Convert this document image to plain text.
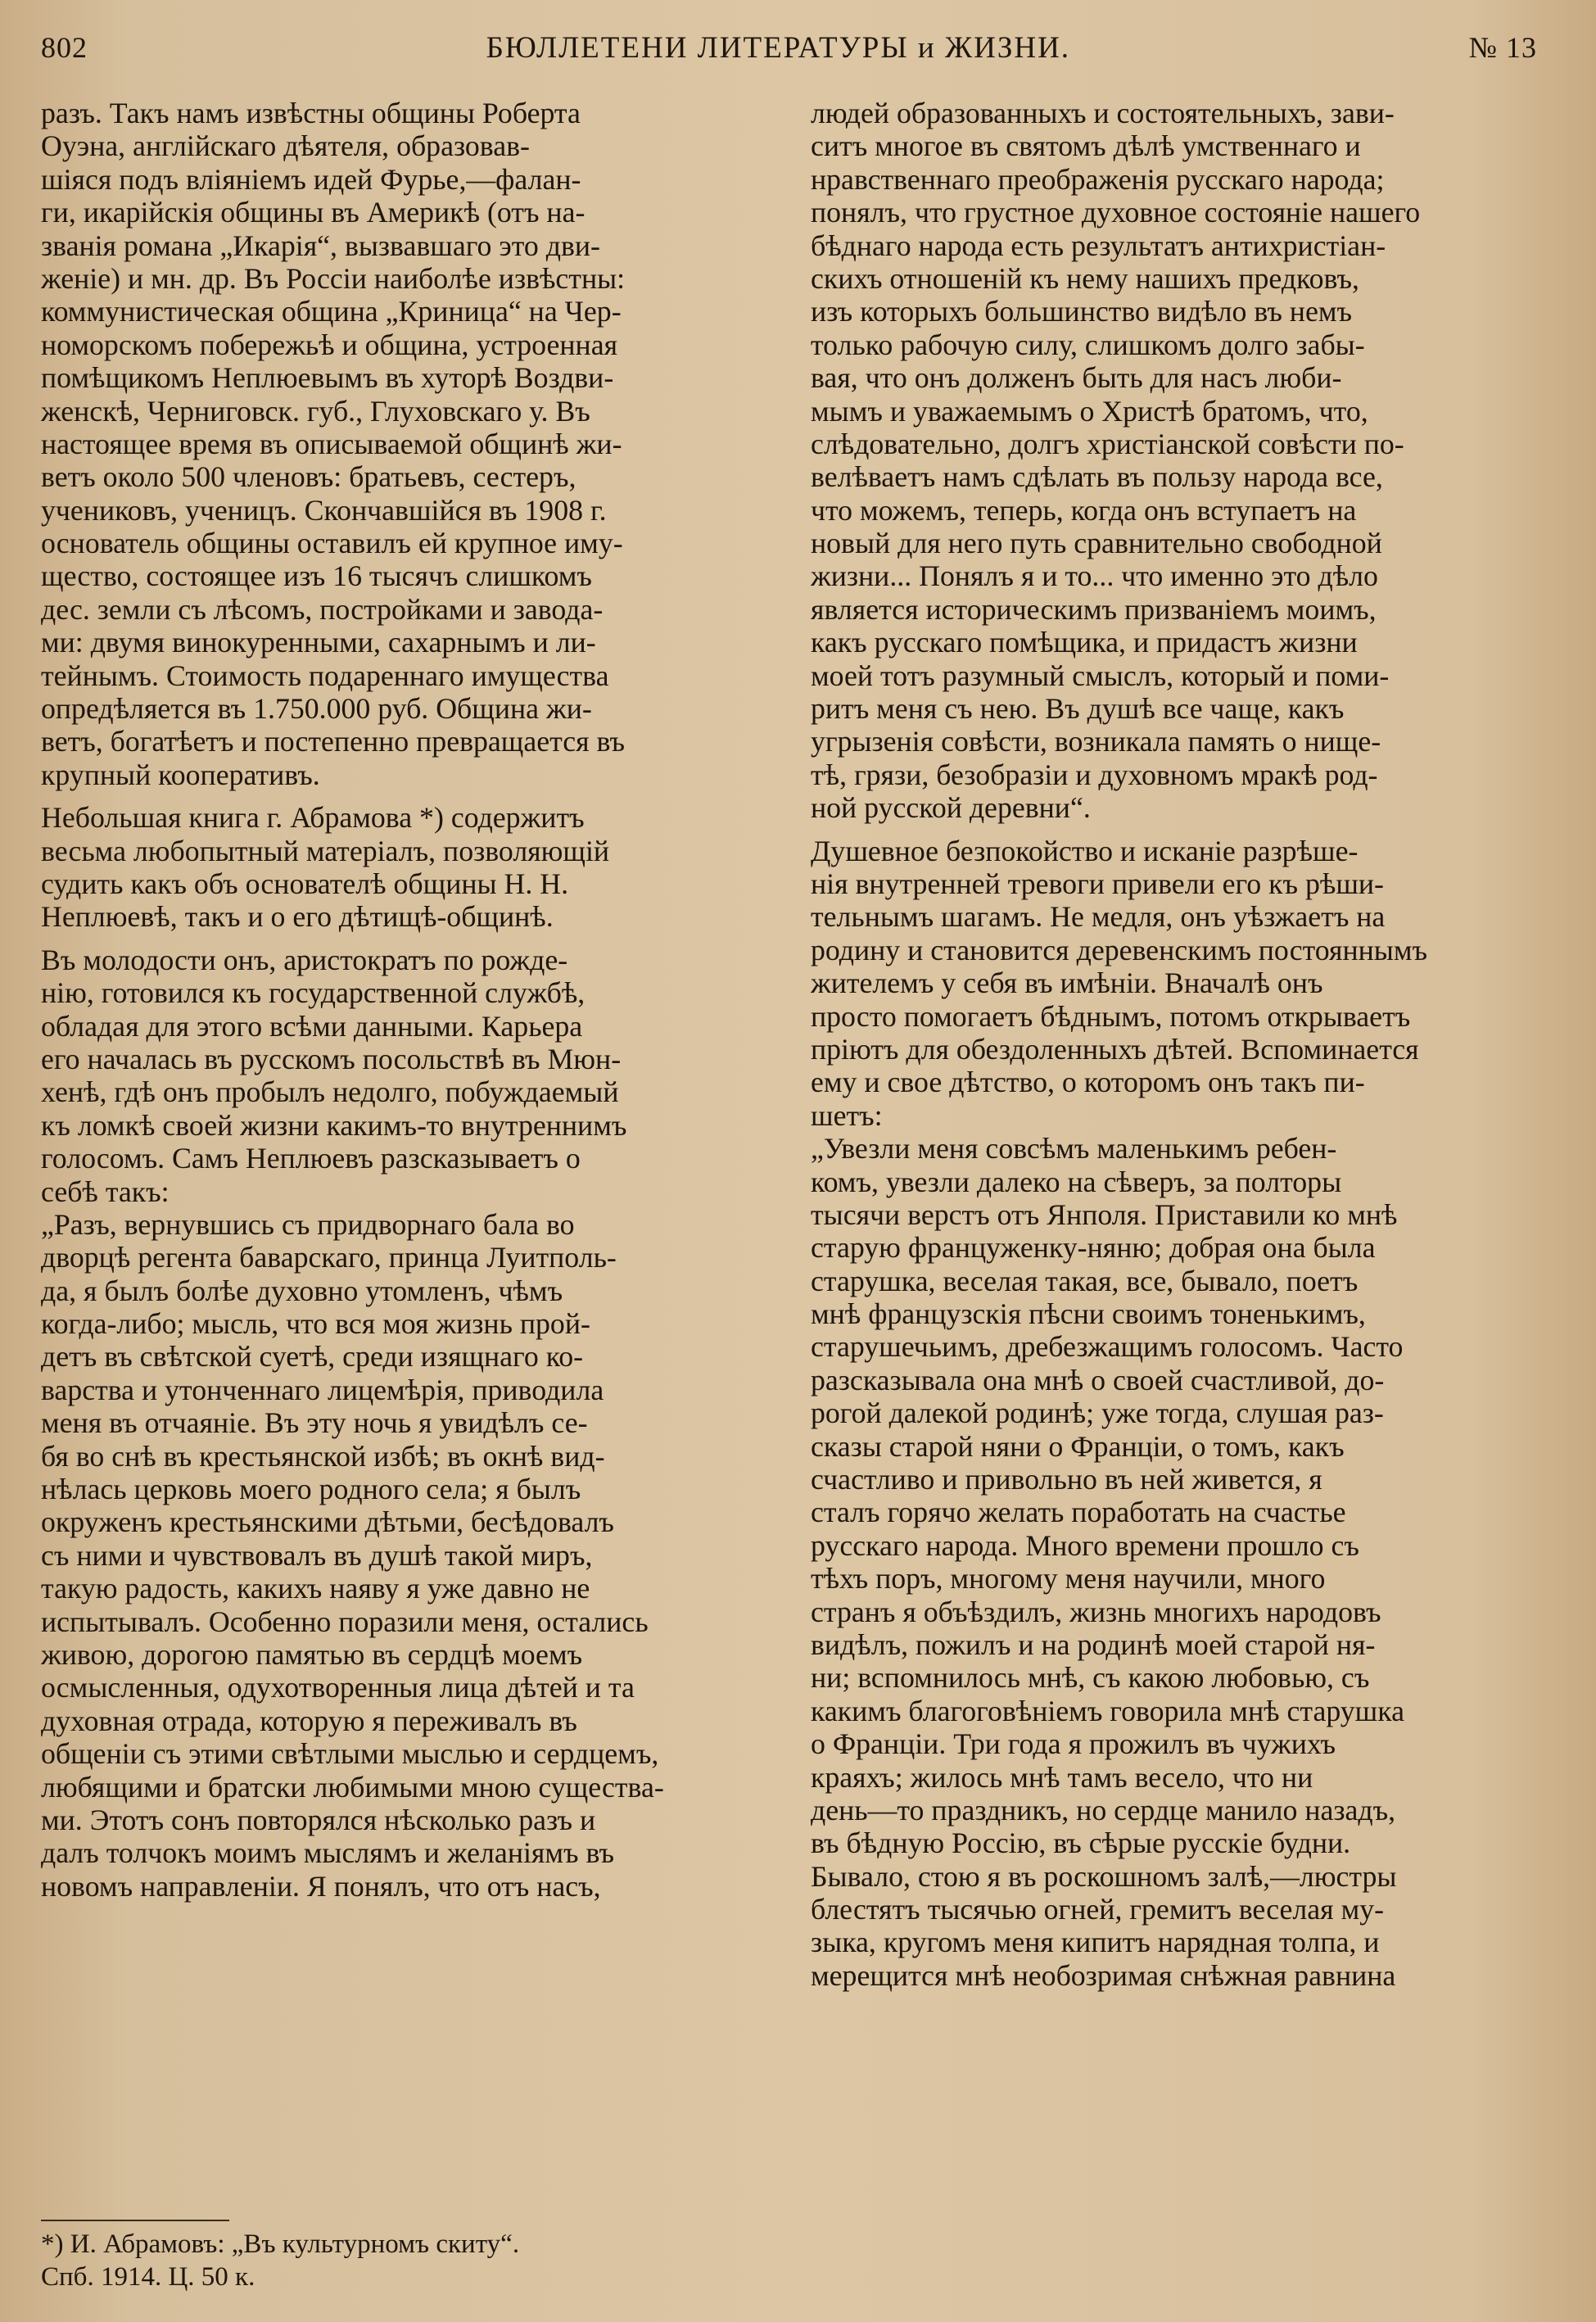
802	БЮЛЛЕТЕНИ ЛИТЕРАТУРЫ и ЖИЗНИ.	№ 13
разъ. Такъ намъ извѣстны общины Роберта
Оуэна, англійскаго дѣятеля, образовав-
шіяся подъ вліяніемъ идей Фурье,—фалан-
ги, икарійскія общины въ Америкѣ (отъ на-
званія романа „Икарія“, вызвавшаго это дви-
женіе) и мн. др. Въ Россіи наиболѣе извѣстны:
коммунистическая община „Криница“ на Чер-
номорскомъ побережьѣ и община, устроенная
помѣщикомъ Неплюевымъ въ хуторѣ Воздви-
женскѣ, Черниговск. губ., Глуховскаго у. Въ
настоящее время въ описываемой общинѣ жи-
ветъ около 500 членовъ: братьевъ, сестеръ,
учениковъ, ученицъ. Скончавшійся въ 1908 г.
основатель общины оставилъ ей крупное иму-
щество, состоящее изъ 16 тысячъ слишкомъ
дес. земли съ лѣсомъ, постройками и завода-
ми: двумя винокуренными, сахарнымъ и ли-
тейнымъ. Стоимость подареннаго имущества
опредѣляется въ 1.750.000 руб. Община жи-
ветъ, богатѣетъ и постепенно превращается въ
крупный кооперативъ.
Небольшая книга г. Абрамова *) содержитъ
весьма любопытный матеріалъ, позволяющій
судить какъ объ основателѣ общины Н. Н.
Неплюевѣ, такъ и о его дѣтищѣ-общинѣ.
Въ молодости онъ, аристократъ по рожде-
нію, готовился къ государственной службѣ,
обладая для этого всѣми данными. Карьера
его началась въ русскомъ посольствѣ въ Мюн-
хенѣ, гдѣ онъ пробылъ недолго, побуждаемый
къ ломкѣ своей жизни какимъ-то внутреннимъ
голосомъ. Самъ Неплюевъ разсказываетъ о
себѣ такъ:
„Разъ, вернувшись съ придворнаго бала во
дворцѣ регента баварскаго, принца Луитполь-
да, я былъ болѣе духовно утомленъ, чѣмъ
когда-либо; мысль, что вся моя жизнь прой-
детъ въ свѣтской суетѣ, среди изящнаго ко-
варства и утонченнаго лицемѣрія, приводила
меня въ отчаяніе. Въ эту ночь я увидѣлъ се-
бя во снѣ въ крестьянской избѣ; въ окнѣ вид-
нѣлась церковь моего родного села; я былъ
окруженъ крестьянскими дѣтьми, бесѣдовалъ
съ ними и чувствовалъ въ душѣ такой миръ,
такую радость, какихъ наяву я уже давно не
испытывалъ. Особенно поразили меня, остались
живою, дорогою памятью въ сердцѣ моемъ
осмысленныя, одухотворенныя лица дѣтей и та
духовная отрада, которую я переживалъ въ
общеніи съ этими свѣтлыми мыслью и сердцемъ,
любящими и братски любимыми мною существа-
ми. Этотъ сонъ повторялся нѣсколько разъ и
далъ толчокъ моимъ мыслямъ и желаніямъ въ
новомъ направленіи. Я понялъ, что отъ насъ,
людей образованныхъ и состоятельныхъ, зави-
ситъ многое въ святомъ дѣлѣ умственнаго и
нравственнаго преображенія русскаго народа;
понялъ, что грустное духовное состояніе нашего
бѣднаго народа есть результатъ антихристіан-
скихъ отношеній къ нему нашихъ предковъ,
изъ которыхъ большинство видѣло въ немъ
только рабочую силу, слишкомъ долго забы-
вая, что онъ долженъ быть для насъ люби-
мымъ и уважаемымъ о Христѣ братомъ, что,
слѣдовательно, долгъ христіанской совѣсти по-
велѣваетъ намъ сдѣлать въ пользу народа все,
что можемъ, теперь, когда онъ вступаетъ на
новый для него путь сравнительно свободной
жизни... Понялъ я и то... что именно это дѣло
является историческимъ призваніемъ моимъ,
какъ русскаго помѣщика, и придастъ жизни
моей тотъ разумный смыслъ, который и поми-
ритъ меня съ нею. Въ душѣ все чаще, какъ
угрызенія совѣсти, возникала память о нище-
тѣ, грязи, безобразіи и духовномъ мракѣ род-
ной русской деревни“.
Душевное безпокойство и исканіе разрѣше-
нія внутренней тревоги привели его къ рѣши-
тельнымъ шагамъ. Не медля, онъ уѣзжаетъ на
родину и становится деревенскимъ постояннымъ
жителемъ у себя въ имѣніи. Вначалѣ онъ
просто помогаетъ бѣднымъ, потомъ открываетъ
пріютъ для обездоленныхъ дѣтей. Вспоминается
ему и свое дѣтство, о которомъ онъ такъ пи-
шетъ:
„Увезли меня совсѣмъ маленькимъ ребен-
комъ, увезли далеко на сѣверъ, за полторы
тысячи верстъ отъ Янполя. Приставили ко мнѣ
старую француженку-няню; добрая она была
старушка, веселая такая, все, бывало, поетъ
мнѣ французскія пѣсни своимъ тоненькимъ,
старушечьимъ, дребезжащимъ голосомъ. Часто
разсказывала она мнѣ о своей счастливой, до-
рогой далекой родинѣ; уже тогда, слушая раз-
сказы старой няни о Франціи, о томъ, какъ
счастливо и привольно въ ней живется, я
сталъ горячо желать поработать на счастье
русскаго народа. Много времени прошло съ
тѣхъ поръ, многому меня научили, много
странъ я объѣздилъ, жизнь многихъ народовъ
видѣлъ, пожилъ и на родинѣ моей старой ня-
ни; вспомнилось мнѣ, съ какою любовью, съ
какимъ благоговѣніемъ говорила мнѣ старушка
о Франціи. Три года я прожилъ въ чужихъ
краяхъ; жилось мнѣ тамъ весело, что ни
день—то праздникъ, но сердце манило назадъ,
въ бѣдную Россію, въ сѣрые русскіе будни.
Бывало, стою я въ роскошномъ залѣ,—люстры
блестятъ тысячью огней, гремитъ веселая му-
зыка, кругомъ меня кипитъ нарядная толпа, и
мерещится мнѣ необозримая снѣжная равнина
*) И. Абрамовъ: „Въ культурномъ скиту“.
Спб. 1914. Ц. 50 к.
